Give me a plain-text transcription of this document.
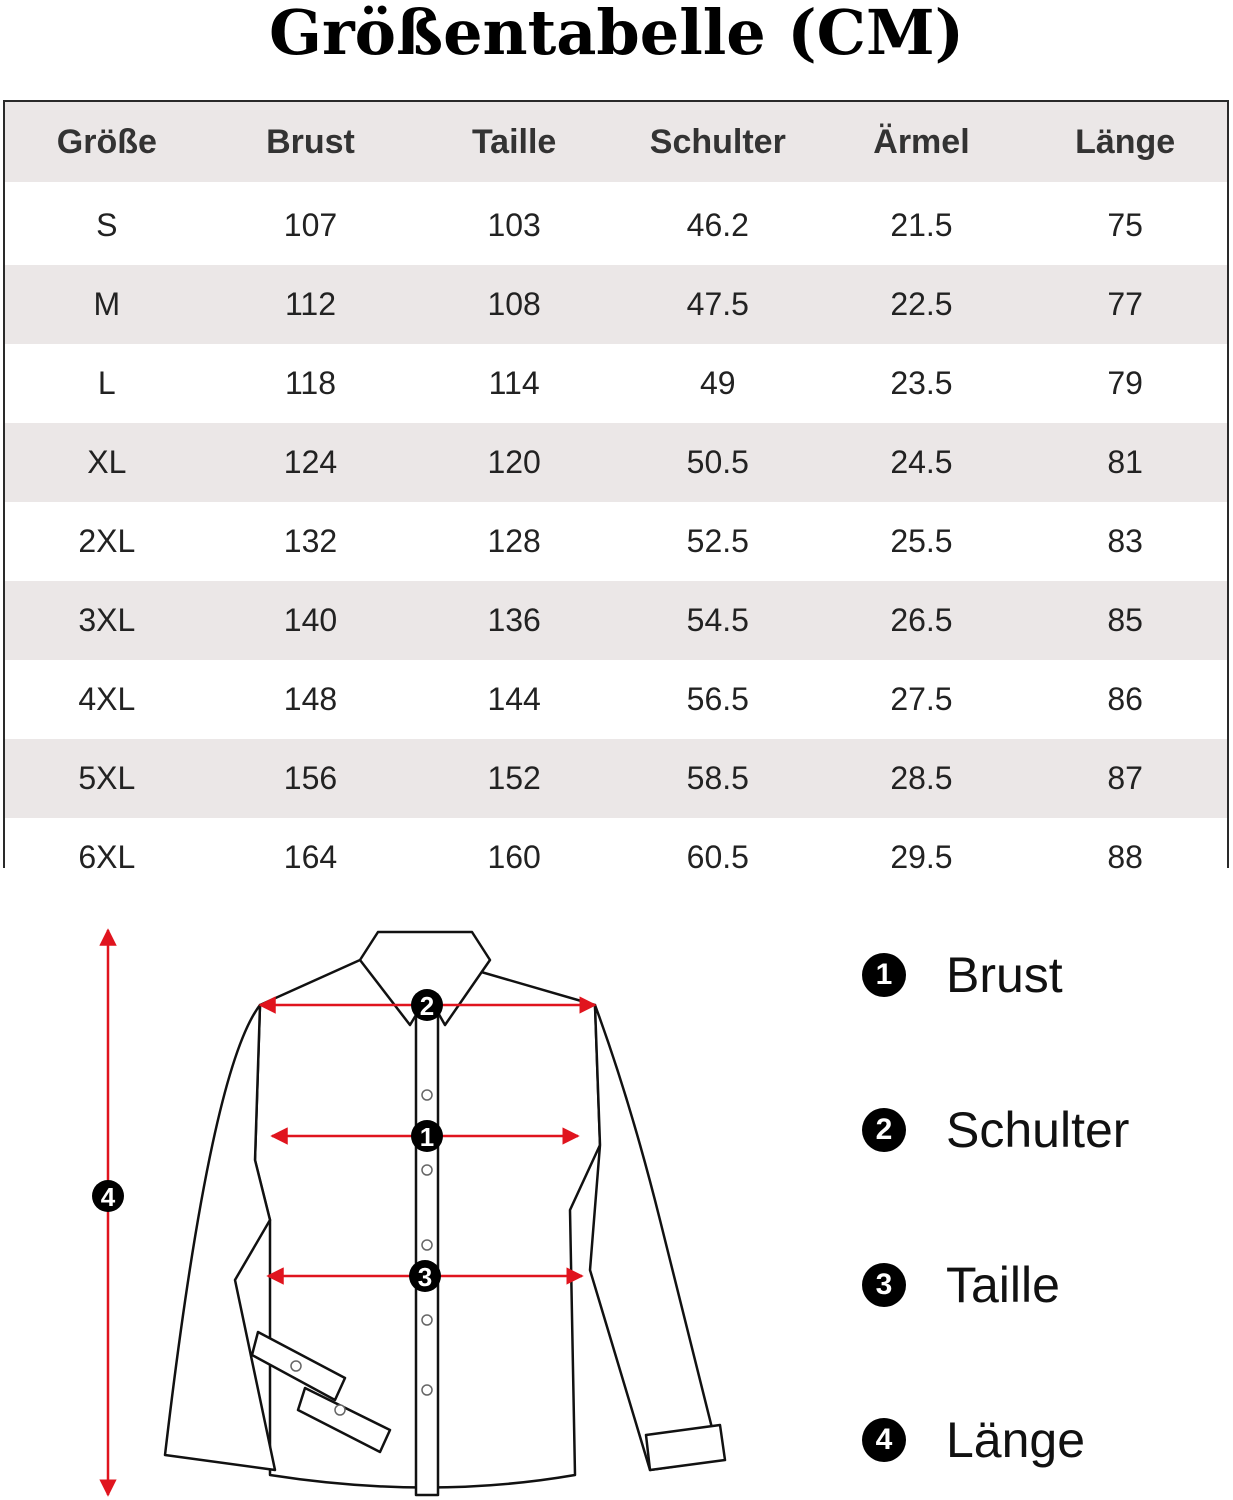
Größentabelle (CM)
Größe	Brust	Taille	Schulter	Ärmel	Länge
S	107	103	46.2	21.5	75
M	112	108	47.5	22.5	77
L	118	114	49	23.5	79
XL	124	120	50.5	24.5	81
2XL	132	128	52.5	25.5	83
3XL	140	136	54.5	26.5	85
4XL	148	144	56.5	27.5	86
5XL	156	152	58.5	28.5	87
6XL	164	160	60.5	29.5	88
2
1
3
4
1 Brust
2 Schulter
3 Taille
4 Länge
